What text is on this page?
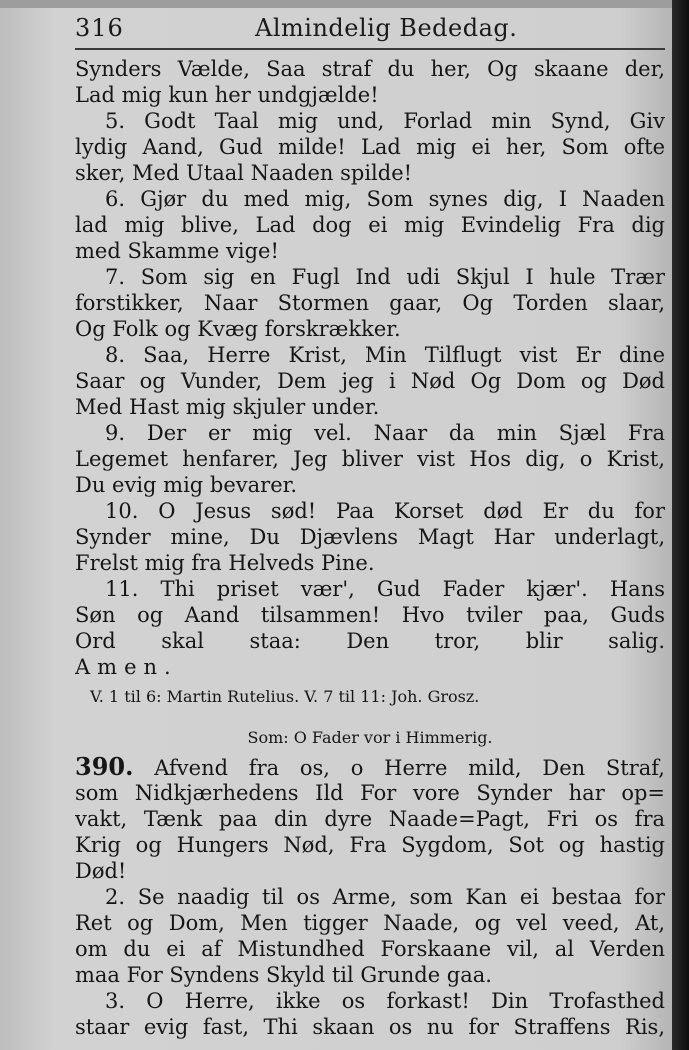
316	Almindelig Bededag.
Synders Vælde, Saa straf du her, Og skaane der,
Lad mig kun her undgjælde!
5. Godt Taal mig und, Forlad min Synd, Giv
lydig Aand, Gud milde! Lad mig ei her, Som ofte
sker, Med Utaal Naaden spilde!
6. Gjør du med mig, Som synes dig, I Naaden
lad mig blive, Lad dog ei mig Evindelig Fra dig
med Skamme vige!
7. Som sig en Fugl Ind udi Skjul I hule Trær
forstikker, Naar Stormen gaar, Og Torden slaar,
Og Folk og Kvæg forskrækker.
8. Saa, Herre Krist, Min Tilflugt vist Er dine
Saar og Vunder, Dem jeg i Nød Og Dom og Død
Med Hast mig skjuler under.
9. Der er mig vel. Naar da min Sjæl Fra
Legemet henfarer, Jeg bliver vist Hos dig, o Krist,
Du evig mig bevarer.
10. O Jesus sød! Paa Korset død Er du for
Synder mine, Du Djævlens Magt Har underlagt,
Frelst mig fra Helveds Pine.
11. Thi priset vær', Gud Fader kjær'. Hans
Søn og Aand tilsammen! Hvo tviler paa, Guds
Ord skal staa: Den tror, blir salig.
Amen.
V. 1 til 6: Martin Rutelius. V. 7 til 11: Joh. Grosz.
Som: O Fader vor i Himmerig.
390. Afvend fra os, o Herre mild, Den Straf,
som Nidkjærhedens Ild For vore Synder har op=
vakt, Tænk paa din dyre Naade=Pagt, Fri os fra
Krig og Hungers Nød, Fra Sygdom, Sot og hastig
Død!
2. Se naadig til os Arme, som Kan ei bestaa for
Ret og Dom, Men tigger Naade, og vel veed, At,
om du ei af Mistundhed Forskaane vil, al Verden
maa For Syndens Skyld til Grunde gaa.
3. O Herre, ikke os forkast! Din Trofasthed
staar evig fast, Thi skaan os nu for Straffens Ris,
